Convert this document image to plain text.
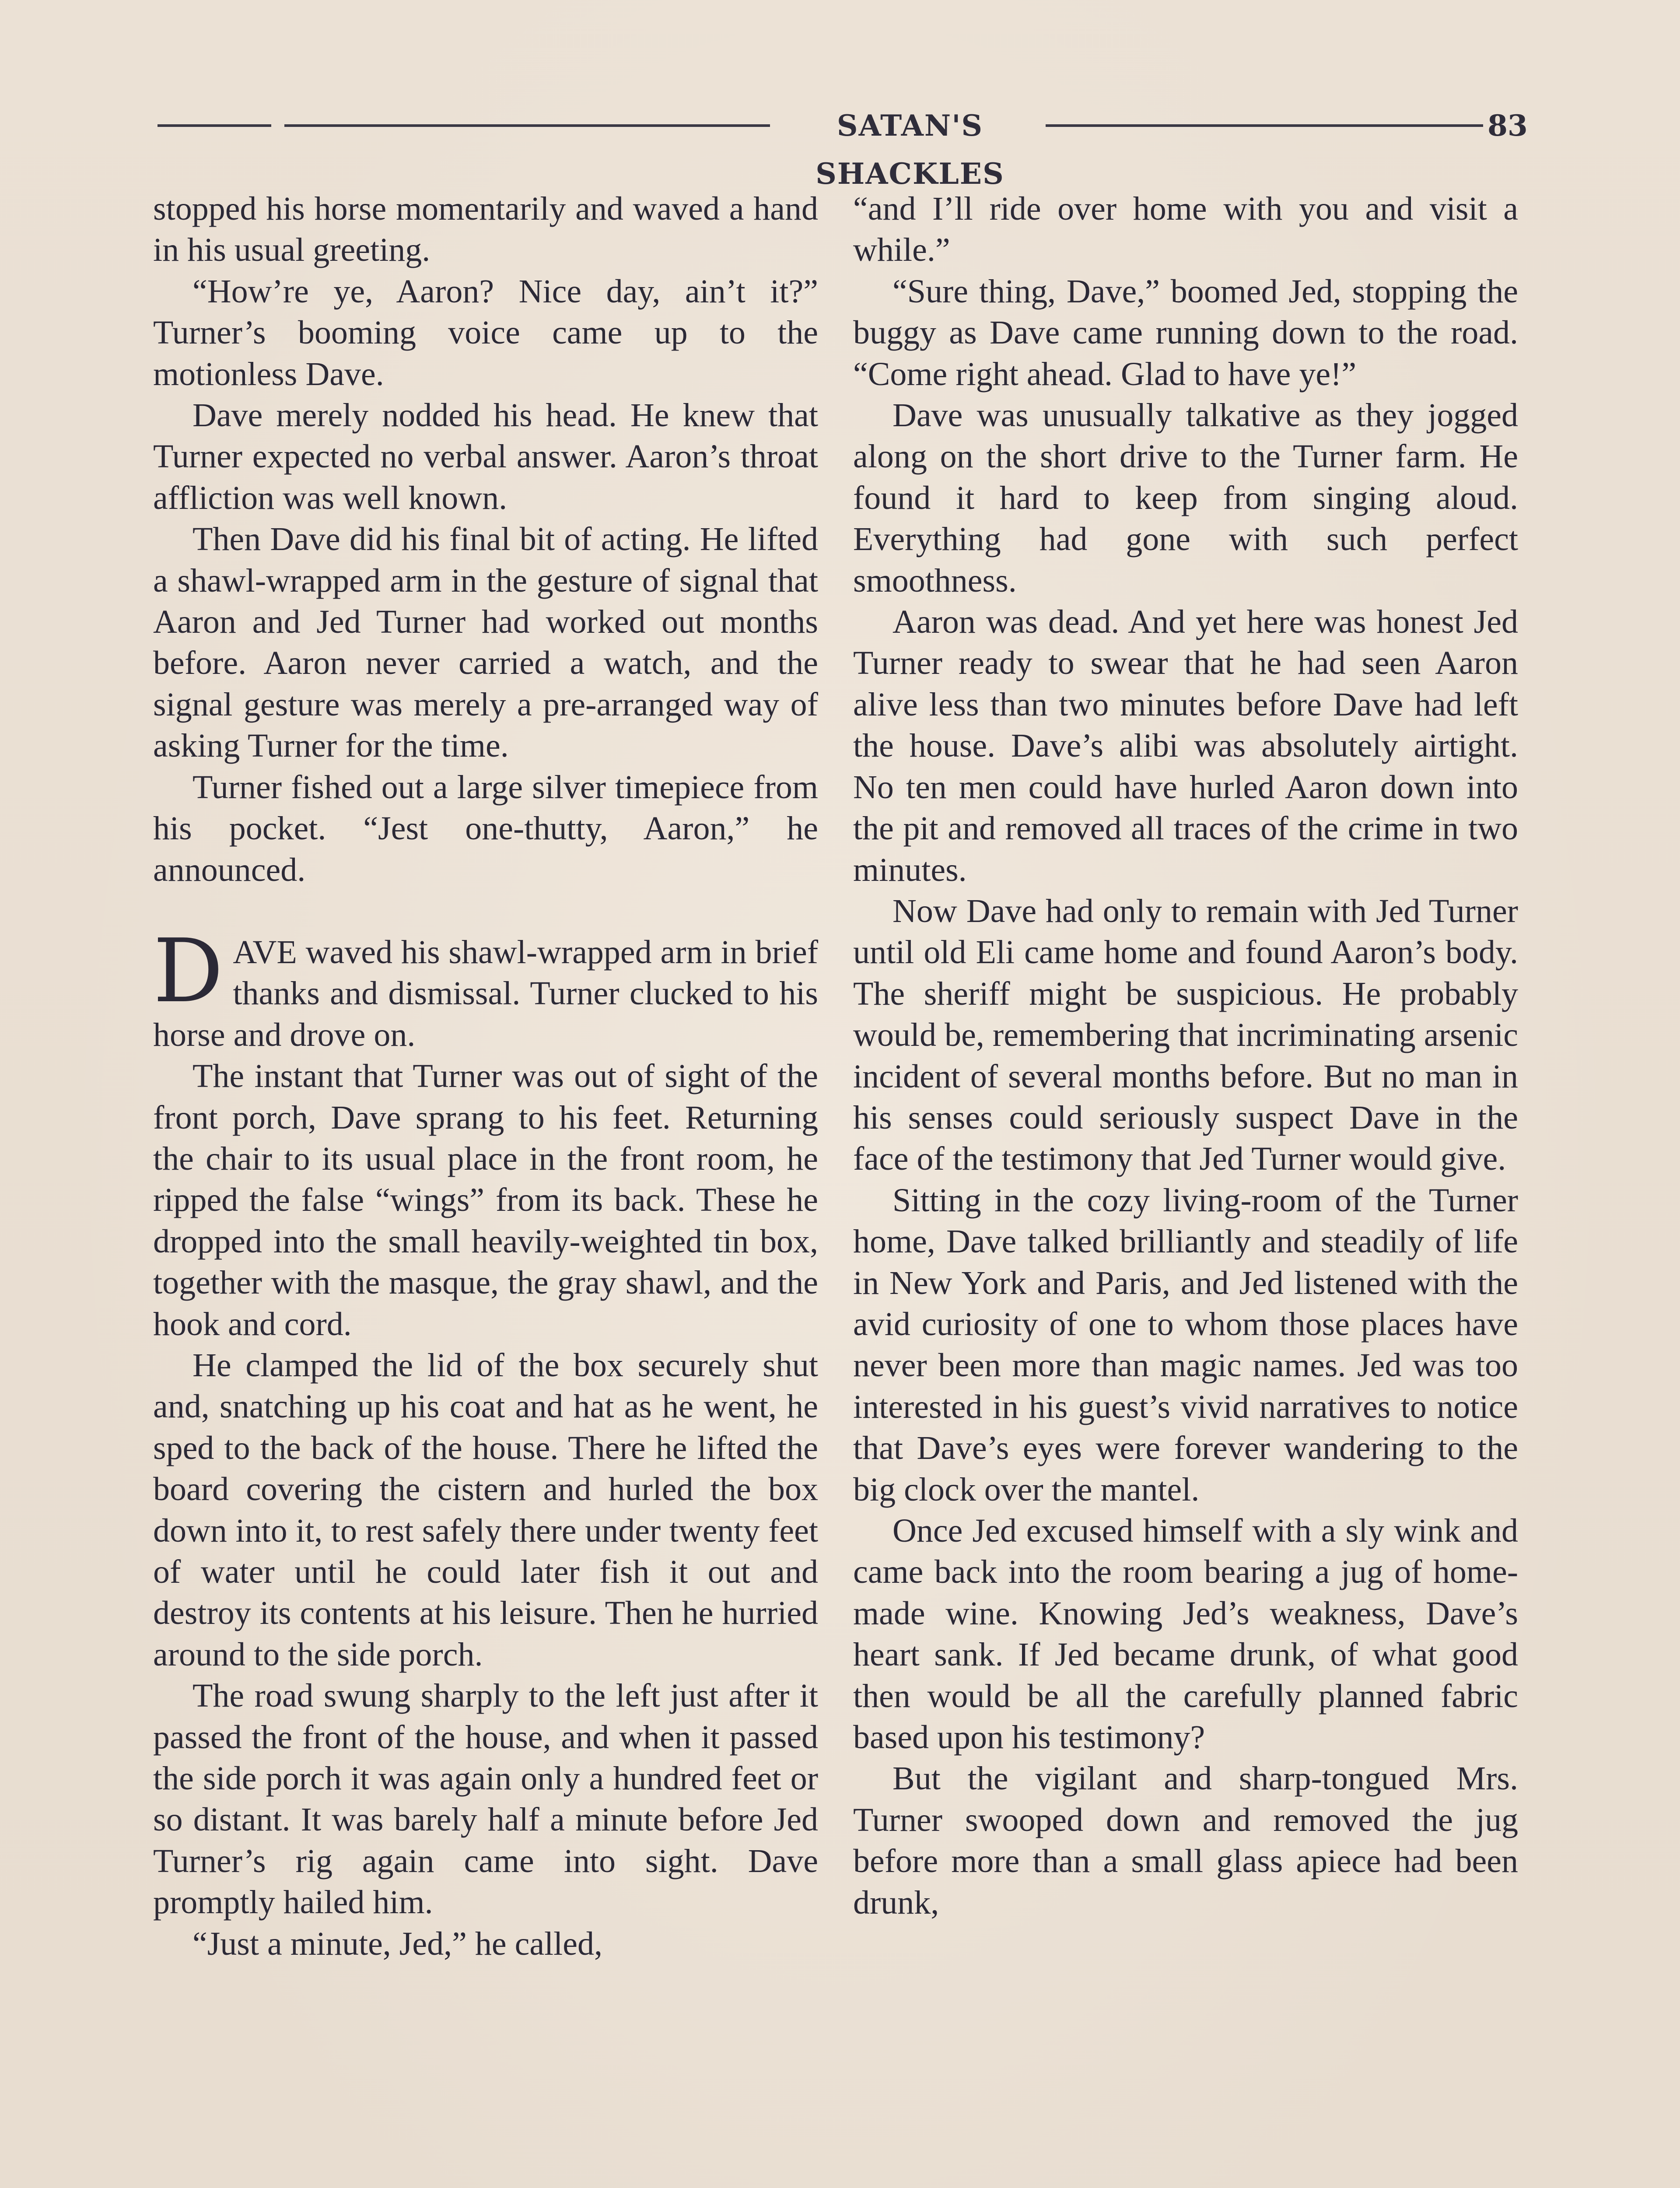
SATAN'S SHACKLES
83

stopped his horse momentarily and waved a hand in his usual greeting.

“How’re ye, Aaron? Nice day, ain’t it?” Turner’s booming voice came up to the motionless Dave.

Dave merely nodded his head. He knew that Turner expected no verbal answer. Aaron’s throat affliction was well known.

Then Dave did his final bit of acting. He lifted a shawl-wrapped arm in the gesture of signal that Aaron and Jed Turner had worked out months before. Aaron never carried a watch, and the signal gesture was merely a pre-arranged way of asking Turner for the time.

Turner fished out a large silver timepiece from his pocket. “Jest one-thutty, Aaron,” he announced.

DAVE waved his shawl-wrapped arm in brief thanks and dismissal. Turner clucked to his horse and drove on.

The instant that Turner was out of sight of the front porch, Dave sprang to his feet. Returning the chair to its usual place in the front room, he ripped the false “wings” from its back. These he dropped into the small heavily-weighted tin box, together with the masque, the gray shawl, and the hook and cord.

He clamped the lid of the box securely shut and, snatching up his coat and hat as he went, he sped to the back of the house. There he lifted the board covering the cistern and hurled the box down into it, to rest safely there under twenty feet of water until he could later fish it out and destroy its contents at his leisure. Then he hurried around to the side porch.

The road swung sharply to the left just after it passed the front of the house, and when it passed the side porch it was again only a hundred feet or so distant. It was barely half a minute before Jed Turner’s rig again came into sight. Dave promptly hailed him.

“Just a minute, Jed,” he called,

“and I’ll ride over home with you and visit a while.”

“Sure thing, Dave,” boomed Jed, stopping the buggy as Dave came running down to the road. “Come right ahead. Glad to have ye!”

Dave was unusually talkative as they jogged along on the short drive to the Turner farm. He found it hard to keep from singing aloud. Everything had gone with such perfect smoothness.

Aaron was dead. And yet here was honest Jed Turner ready to swear that he had seen Aaron alive less than two minutes before Dave had left the house. Dave’s alibi was absolutely airtight. No ten men could have hurled Aaron down into the pit and removed all traces of the crime in two minutes.

Now Dave had only to remain with Jed Turner until old Eli came home and found Aaron’s body. The sheriff might be suspicious. He probably would be, remembering that incriminating arsenic incident of several months before. But no man in his senses could seriously suspect Dave in the face of the testimony that Jed Turner would give.

Sitting in the cozy living-room of the Turner home, Dave talked brilliantly and steadily of life in New York and Paris, and Jed listened with the avid curiosity of one to whom those places have never been more than magic names. Jed was too interested in his guest’s vivid narratives to notice that Dave’s eyes were forever wandering to the big clock over the mantel.

Once Jed excused himself with a sly wink and came back into the room bearing a jug of home-made wine. Knowing Jed’s weakness, Dave’s heart sank. If Jed became drunk, of what good then would be all the carefully planned fabric based upon his testimony?

But the vigilant and sharp-tongued Mrs. Turner swooped down and removed the jug before more than a small glass apiece had been drunk,
